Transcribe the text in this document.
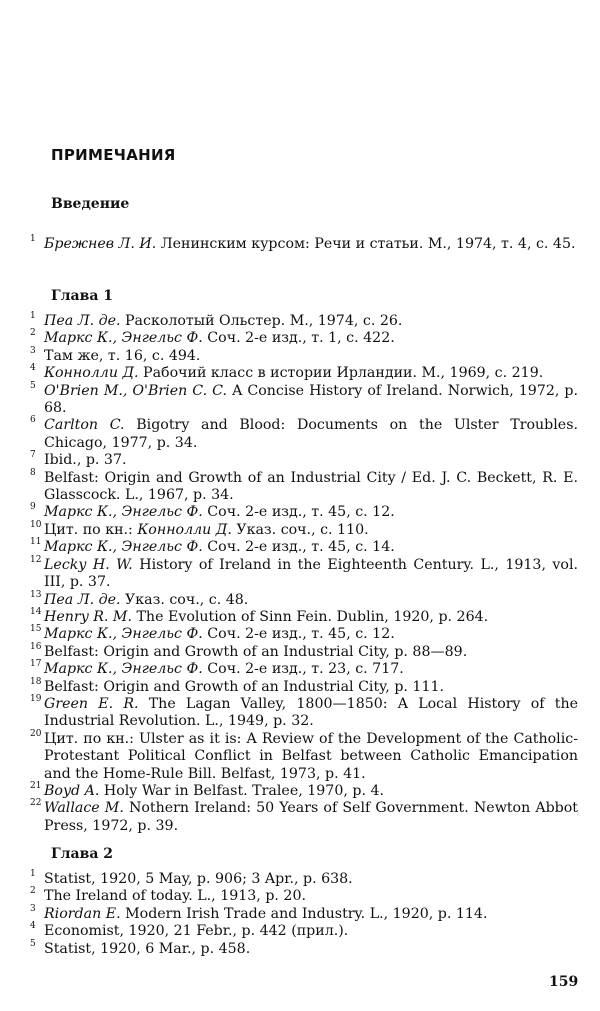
ПРИМЕЧАНИЯ
Введение
1 Брежнев Л. И. Ленинским курсом: Речи и статьи. М., 1974, т. 4, с. 45.
Глава 1
1 Пеа Л. де. Расколотый Ольстер. М., 1974, с. 26.
2 Маркс К., Энгельс Ф. Соч. 2-е изд., т. 1, с. 422.
3 Там же, т. 16, с. 494.
4 Коннолли Д. Рабочий класс в истории Ирландии. М., 1969, с. 219.
5 O'Brien M., O'Brien C. C. A Concise History of Ireland. Norwich, 1972, p. 68.
6 Carlton C. Bigotry and Blood: Documents on the Ulster Troubles. Chicago, 1977, p. 34.
7 Ibid., p. 37.
8 Belfast: Origin and Growth of an Industrial City / Ed. J. C. Beckett, R. E. Glasscock. L., 1967, p. 34.
9 Маркс К., Энгельс Ф. Соч. 2-е изд., т. 45, с. 12.
10 Цит. по кн.: Коннолли Д. Указ. соч., с. 110.
11 Маркс К., Энгельс Ф. Соч. 2-е изд., т. 45, с. 14.
12 Lecky H. W. History of Ireland in the Eighteenth Century. L., 1913, vol. III, p. 37.
13 Пеа Л. де. Указ. соч., с. 48.
14 Henry R. M. The Evolution of Sinn Fein. Dublin, 1920, p. 264.
15 Маркс К., Энгельс Ф. Соч. 2-е изд., т. 45, с. 12.
16 Belfast: Origin and Growth of an Industrial City, p. 88—89.
17 Маркс К., Энгельс Ф. Соч. 2-е изд., т. 23, с. 717.
18 Belfast: Origin and Growth of an Industrial City, p. 111.
19 Green E. R. The Lagan Valley, 1800—1850: A Local History of the Industrial Revolution. L., 1949, p. 32.
20 Цит. по кн.: Ulster as it is: A Review of the Development of the Catholic-Protestant Political Conflict in Belfast between Catholic Emancipation and the Home-Rule Bill. Belfast, 1973, p. 41.
21 Boyd A. Holy War in Belfast. Tralee, 1970, p. 4.
22 Wallace M. Nothern Ireland: 50 Years of Self Government. Newton Abbot Press, 1972, p. 39.
Глава 2
1 Statist, 1920, 5 May, p. 906; 3 Apr., p. 638.
2 The Ireland of today. L., 1913, p. 20.
3 Riordan E. Modern Irish Trade and Industry. L., 1920, p. 114.
4 Economist, 1920, 21 Febr., p. 442 (прил.).
5 Statist, 1920, 6 Mar., p. 458.
159
